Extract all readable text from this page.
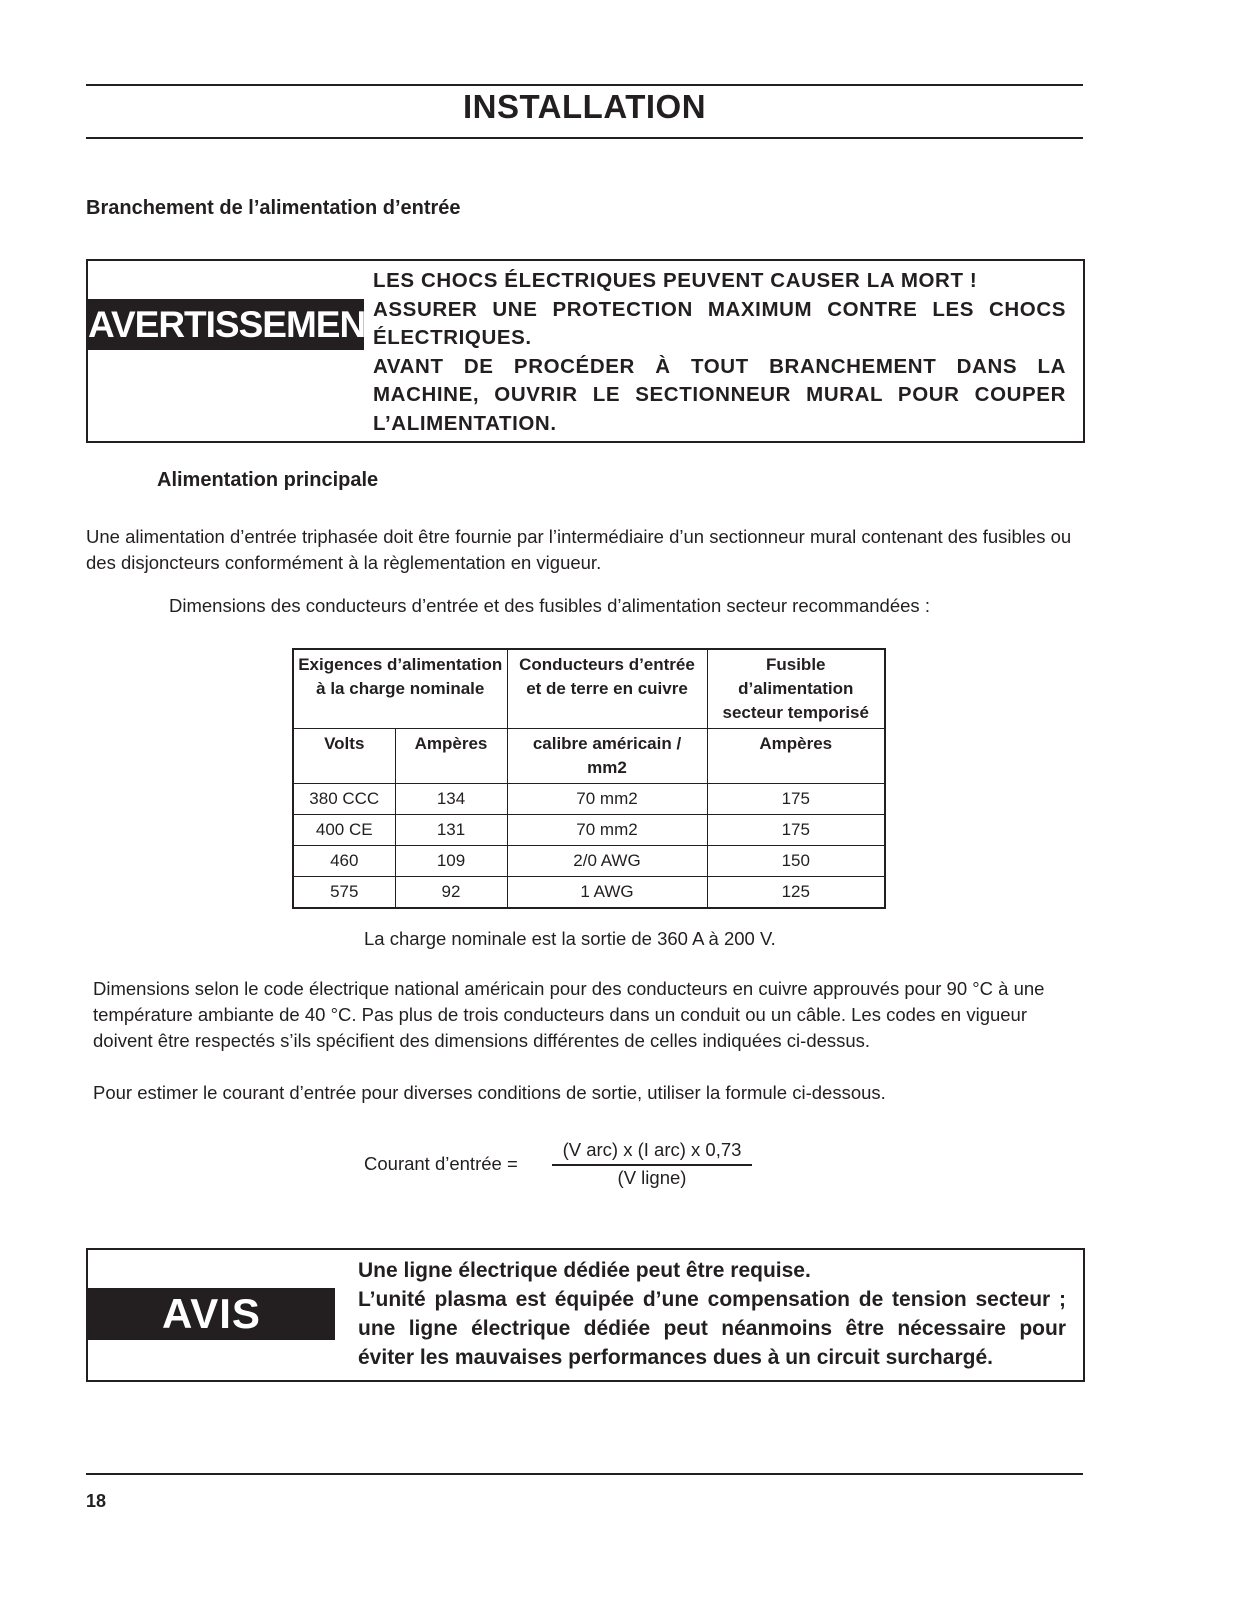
INSTALLATION
Branchement de l’alimentation d’entrée
AVERTISSEMENT
LES CHOCS ÉLECTRIQUES PEUVENT CAUSER LA MORT !
ASSURER UNE PROTECTION MAXIMUM CONTRE LES CHOCS ÉLECTRIQUES.
AVANT DE PROCÉDER À TOUT BRANCHEMENT DANS LA MACHINE, OUVRIR LE SECTIONNEUR MURAL POUR COUPER L’ALIMENTATION.
Alimentation principale
Une alimentation d’entrée triphasée doit être fournie par l’intermédiaire d’un sectionneur mural contenant des fusibles ou des disjoncteurs conformément à la règlementation en vigueur.
Dimensions des conducteurs d’entrée et des fusibles d’alimentation secteur recommandées :
Exigences d’alimentation à la charge nominale		Conducteurs d’entrée et de terre en cuivre	Fusible d’alimentation secteur temporisé
Volts	Ampères	calibre américain / mm2	Ampères
380 CCC	134	70 mm2	175
400 CE	131	70 mm2	175
460	109	2/0 AWG	150
575	92	1 AWG	125
La charge nominale est la sortie de 360 A à 200 V.
Dimensions selon le code électrique national américain pour des conducteurs en cuivre approuvés pour 90 °C à une température ambiante de 40 °C. Pas plus de trois conducteurs dans un conduit ou un câble. Les codes en vigueur doivent être respectés s’ils spécifient des dimensions différentes de celles indiquées ci-dessus.
Pour estimer le courant d’entrée pour diverses conditions de sortie, utiliser la formule ci-dessous.
Courant d’entrée =
(V arc) x (I arc) x 0,73
(V ligne)
AVIS
Une ligne électrique dédiée peut être requise.
L’unité plasma est équipée d’une compensation de tension secteur ; une ligne électrique dédiée peut néanmoins être nécessaire pour éviter les mauvaises performances dues à un circuit surchargé.
18
